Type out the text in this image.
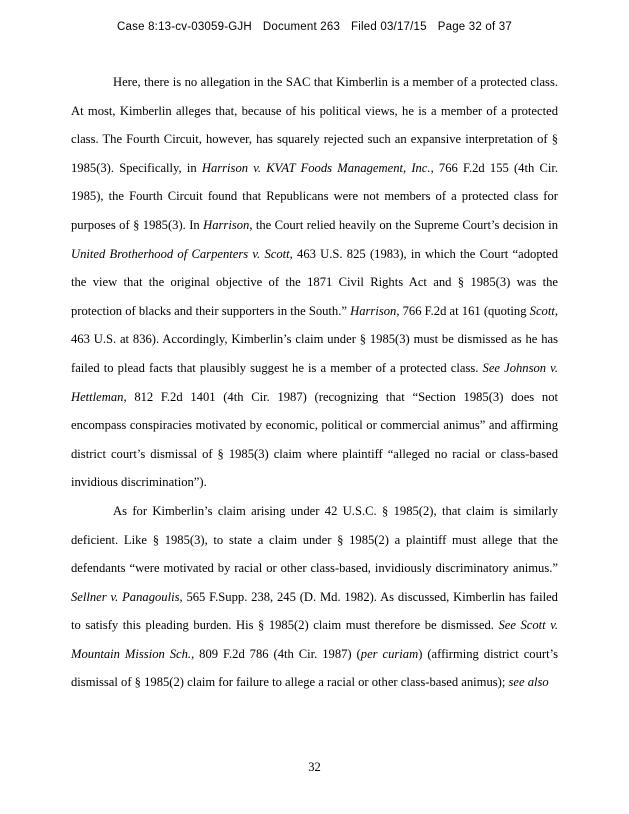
Case 8:13-cv-03059-GJH Document 263 Filed 03/17/15 Page 32 of 37

Here, there is no allegation in the SAC that Kimberlin is a member of a protected class. At most, Kimberlin alleges that, because of his political views, he is a member of a protected class. The Fourth Circuit, however, has squarely rejected such an expansive interpretation of § 1985(3). Specifically, in Harrison v. KVAT Foods Management, Inc., 766 F.2d 155 (4th Cir. 1985), the Fourth Circuit found that Republicans were not members of a protected class for purposes of § 1985(3). In Harrison, the Court relied heavily on the Supreme Court’s decision in United Brotherhood of Carpenters v. Scott, 463 U.S. 825 (1983), in which the Court “adopted the view that the original objective of the 1871 Civil Rights Act and § 1985(3) was the protection of blacks and their supporters in the South.” Harrison, 766 F.2d at 161 (quoting Scott, 463 U.S. at 836). Accordingly, Kimberlin’s claim under § 1985(3) must be dismissed as he has failed to plead facts that plausibly suggest he is a member of a protected class. See Johnson v. Hettleman, 812 F.2d 1401 (4th Cir. 1987) (recognizing that “Section 1985(3) does not encompass conspiracies motivated by economic, political or commercial animus” and affirming district court’s dismissal of § 1985(3) claim where plaintiff “alleged no racial or class-based invidious discrimination”).

As for Kimberlin’s claim arising under 42 U.S.C. § 1985(2), that claim is similarly deficient. Like § 1985(3), to state a claim under § 1985(2) a plaintiff must allege that the defendants “were motivated by racial or other class-based, invidiously discriminatory animus.” Sellner v. Panagoulis, 565 F.Supp. 238, 245 (D. Md. 1982). As discussed, Kimberlin has failed to satisfy this pleading burden. His § 1985(2) claim must therefore be dismissed. See Scott v. Mountain Mission Sch., 809 F.2d 786 (4th Cir. 1987) (per curiam) (affirming district court’s dismissal of § 1985(2) claim for failure to allege a racial or other class-based animus); see also

32
